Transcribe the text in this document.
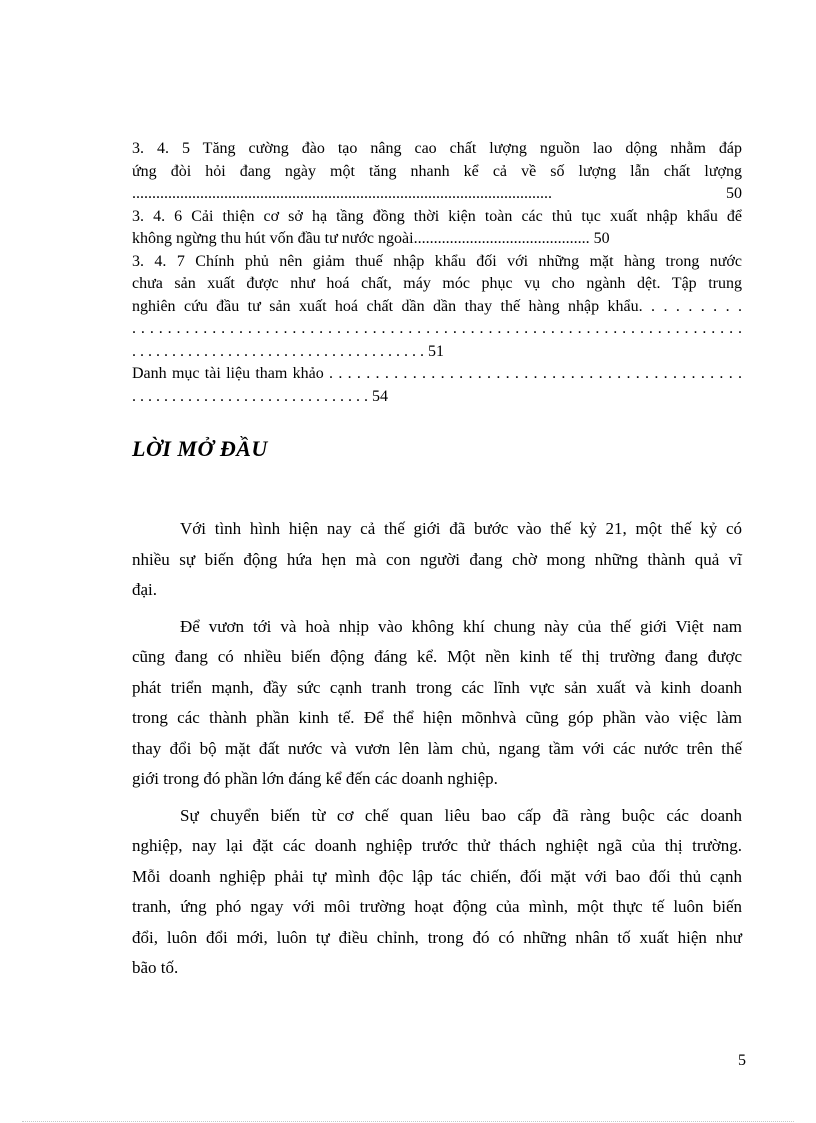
3. 4. 5 Tăng cường đào tạo nâng cao chất lượng nguồn lao dộng nhằm đáp
ứng đòi hỏi đang ngày một tăng nhanh kể cả về số lượng lẫn chất lượng
......................................................................................................... 50
3. 4. 6 Cải thiện cơ sở hạ tầng đồng thời kiện toàn các thủ tục xuất nhập khẩu để
không ngừng thu hút vốn đầu tư nước ngoài............................................ 50
3. 4. 7 Chính phủ nên giảm thuế nhập khẩu đối với những mặt hàng trong nước
chưa sản xuất được như hoá chất, máy móc phục vụ cho ngành dệt. Tập trung
nghiên cứu đầu tư sản xuất hoá chất dần dần thay thế hàng nhập khẩu. . . . . . . . .
. . . . . . . . . . . . . . . . . . . . . . . . . . . . . . . . . . . . . . . . . . . . . . . . . . . . . . . . . . . . . . . . . . . . .
. . . . . . . . . . . . . . . . . . . . . . . . . . . . . . . . . . . . . 51
Danh mục tài liệu tham khảo . . . . . . . . . . . . . . . . . . . . . . . . . . . . . . . . . . . . . . . . . . . . .
. . . . . . . . . . . . . . . . . . . . . . . . . . . . . . 54
LỜI MỞ ĐẦU
Với tình hình hiện nay cả thế giới đã bước vào thế kỷ 21, một thế kỷ có
nhiều sự biến động hứa hẹn mà con người đang chờ mong những thành quả vĩ
đại.
Để vươn tới và hoà nhịp vào không khí chung này của thế giới Việt nam
cũng đang có nhiều biến động đáng kể. Một nền kinh tế thị trường đang được
phát triển mạnh, đầy sức cạnh tranh trong các lĩnh vực sản xuất và kinh doanh
trong các thành phần kinh tế. Để thể hiện mõnhvà cũng góp phần vào việc làm
thay đổi bộ mặt đất nước và vươn lên làm chủ, ngang tầm với các nước trên thế
giới trong đó phần lớn đáng kể đến các doanh nghiệp.
Sự chuyển biến từ cơ chế quan liêu bao cấp đã ràng buộc các doanh
nghiệp, nay lại đặt các doanh nghiệp trước thử thách nghiệt ngã của thị trường.
Mỗi doanh nghiệp phải tự mình độc lập tác chiến, đối mặt với bao đối thủ cạnh
tranh, ứng phó ngay với môi trường hoạt động của mình, một thực tế luôn biến
đổi, luôn đổi mới, luôn tự điều chỉnh, trong đó có những nhân tố xuất hiện như
bão tố.
5
